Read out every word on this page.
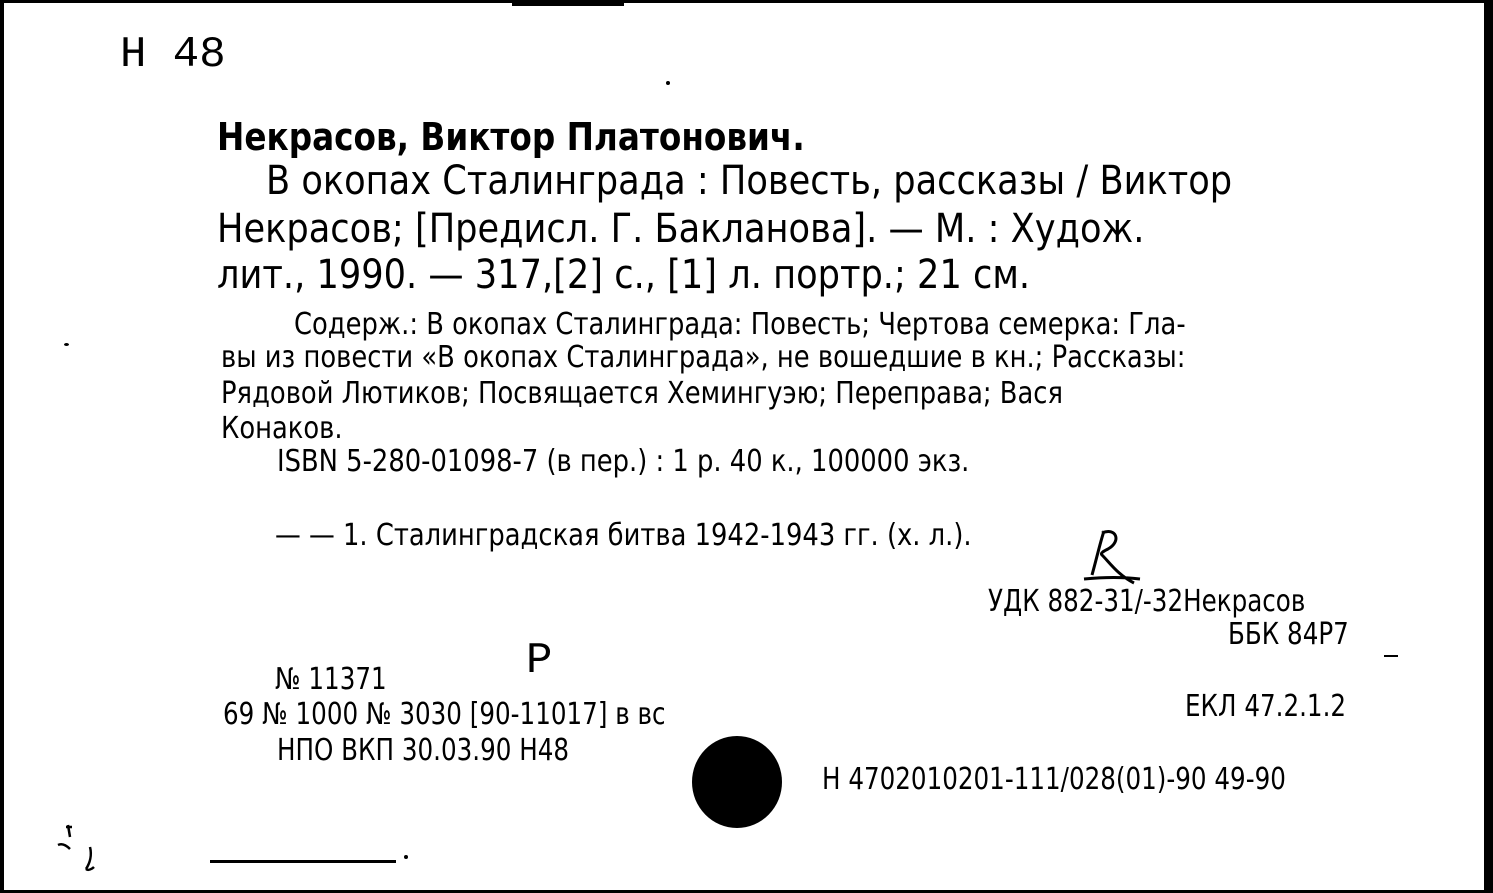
Н 48
Некрасов, Виктор Платонович.
В окопах Сталинграда : Повесть, рассказы / Виктор
Некрасов; [Предисл. Г. Бакланова]. — М. : Худож.
лит., 1990. — 317,[2] с., [1] л. портр.; 21 см.
Содерж.: В окопах Сталинграда: Повесть; Чертова семерка: Гла-
вы из повести «В окопах Сталинграда», не вошедшие в кн.; Рассказы:
Рядовой Лютиков; Посвящается Хемингуэю; Переправа; Вася
Конаков.
ISBN 5-280-01098-7 (в пер.) : 1 р. 40 к., 100000 экз.
— — 1. Сталинградская битва 1942-1943 гг. (х. л.).
УДК 882-31/-32Некрасов
ББК 84Р7
Р
№ 11371
69 № 1000 № 3030 [90-11017] в вс
НПО ВКП 30.03.90 Н48
ЕКЛ 47.2.1.2
Н 4702010201-111/028(01)-90 49-90
